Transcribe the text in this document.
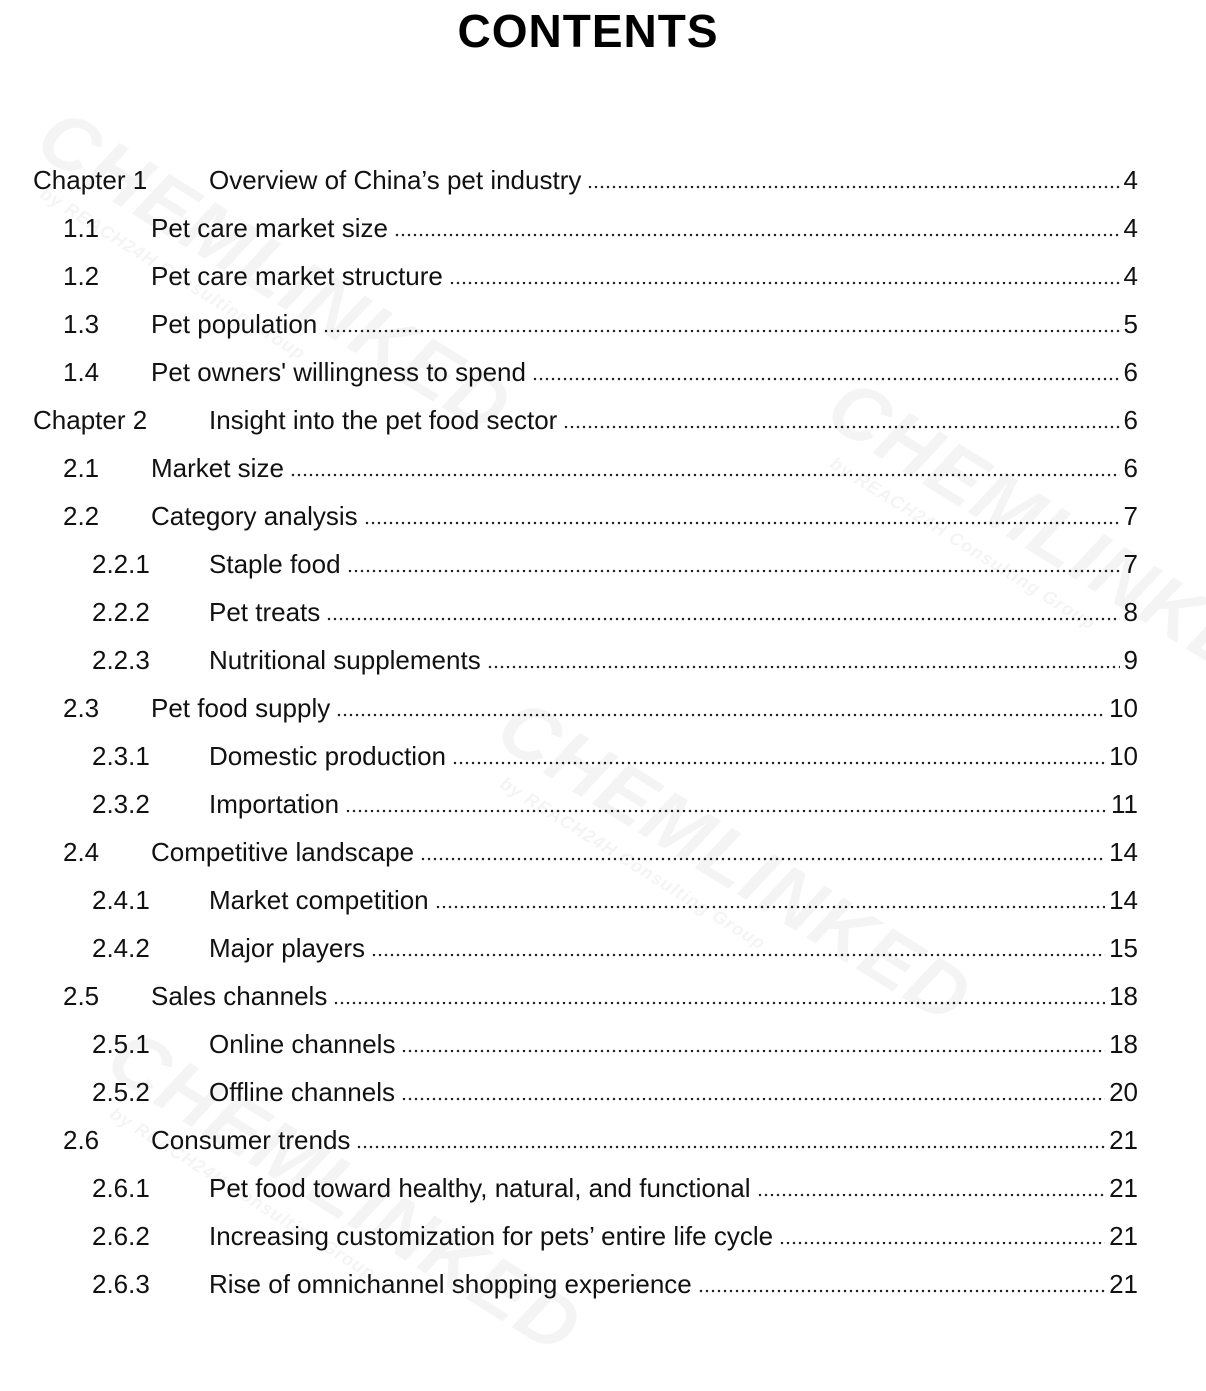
CONTENTS
Chapter 1	Overview of China’s pet industry	4
1.1	Pet care market size	4
1.2	Pet care market structure	4
1.3	Pet population	5
1.4	Pet owners' willingness to spend	6
Chapter 2	Insight into the pet food sector	6
2.1	Market size	6
2.2	Category analysis	7
2.2.1	Staple food	7
2.2.2	Pet treats	8
2.2.3	Nutritional supplements	9
2.3	Pet food supply	10
2.3.1	Domestic production	10
2.3.2	Importation	11
2.4	Competitive landscape	14
2.4.1	Market competition	14
2.4.2	Major players	15
2.5	Sales channels	18
2.5.1	Online channels	18
2.5.2	Offline channels	20
2.6	Consumer trends	21
2.6.1	Pet food toward healthy, natural, and functional	21
2.6.2	Increasing customization for pets’ entire life cycle	21
2.6.3	Rise of omnichannel shopping experience	21
